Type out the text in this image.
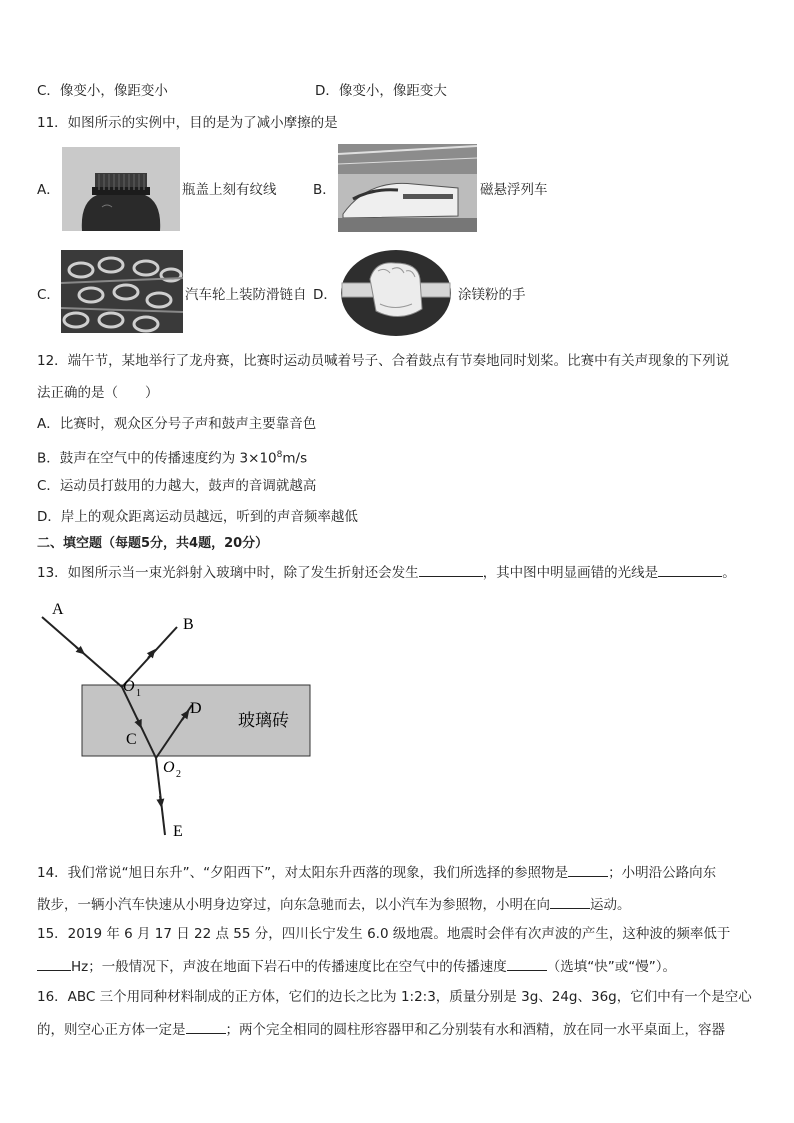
C．像变小，像距变小	D．像变小，像距变大
11．如图所示的实例中，目的是为了减小摩擦的是
A．	瓶盖上刻有纹线	B．	磁悬浮列车
C．	汽车轮上装防滑链自 D．	涂镁粉的手
12．端午节，某地举行了龙舟赛，比赛时运动员喊着号子、合着鼓点有节奏地同时划桨。比赛中有关声现象的下列说
法正确的是（　　）
A．比赛时，观众区分号子声和鼓声主要靠音色
B．鼓声在空气中的传播速度约为 $3\times 10^8m/s$
C．运动员打鼓用的力越大，鼓声的音调就越高
D．岸上的观众距离运动员越远，听到的声音频率越低
二、填空题（每题5分，共4题，20分）
13．如图所示当一束光斜射入玻璃中时，除了发生折射还会发生	，其中图中明显画错的光线是	。
A
B
C
D
E
O 1
O 2
玻璃砖
14．我们常说“旭日东升”、“夕阳西下”，对太阳东升西落的现象，我们所选择的参照物是	；小明沿公路向东
散步，一辆小汽车快速从小明身边穿过，向东急驰而去，以小汽车为参照物，小明在向	运动。
15．2019 年 6 月 17 日 22 点 55 分，四川长宁发生 6.0 级地震。地震时会伴有次声波的产生，这种波的频率低于
Hz；一般情况下，声波在地面下岩石中的传播速度比在空气中的传播速度	（选填“快”或“慢”）。
16．ABC 三个用同种材料制成的正方体，它们的边长之比为 1:2:3，质量分别是 3g、24g、36g，它们中有一个是空心
的，则空心正方体一定是	；两个完全相同的圆柱形容器甲和乙分别装有水和酒精，放在同一水平桌面上，容器
